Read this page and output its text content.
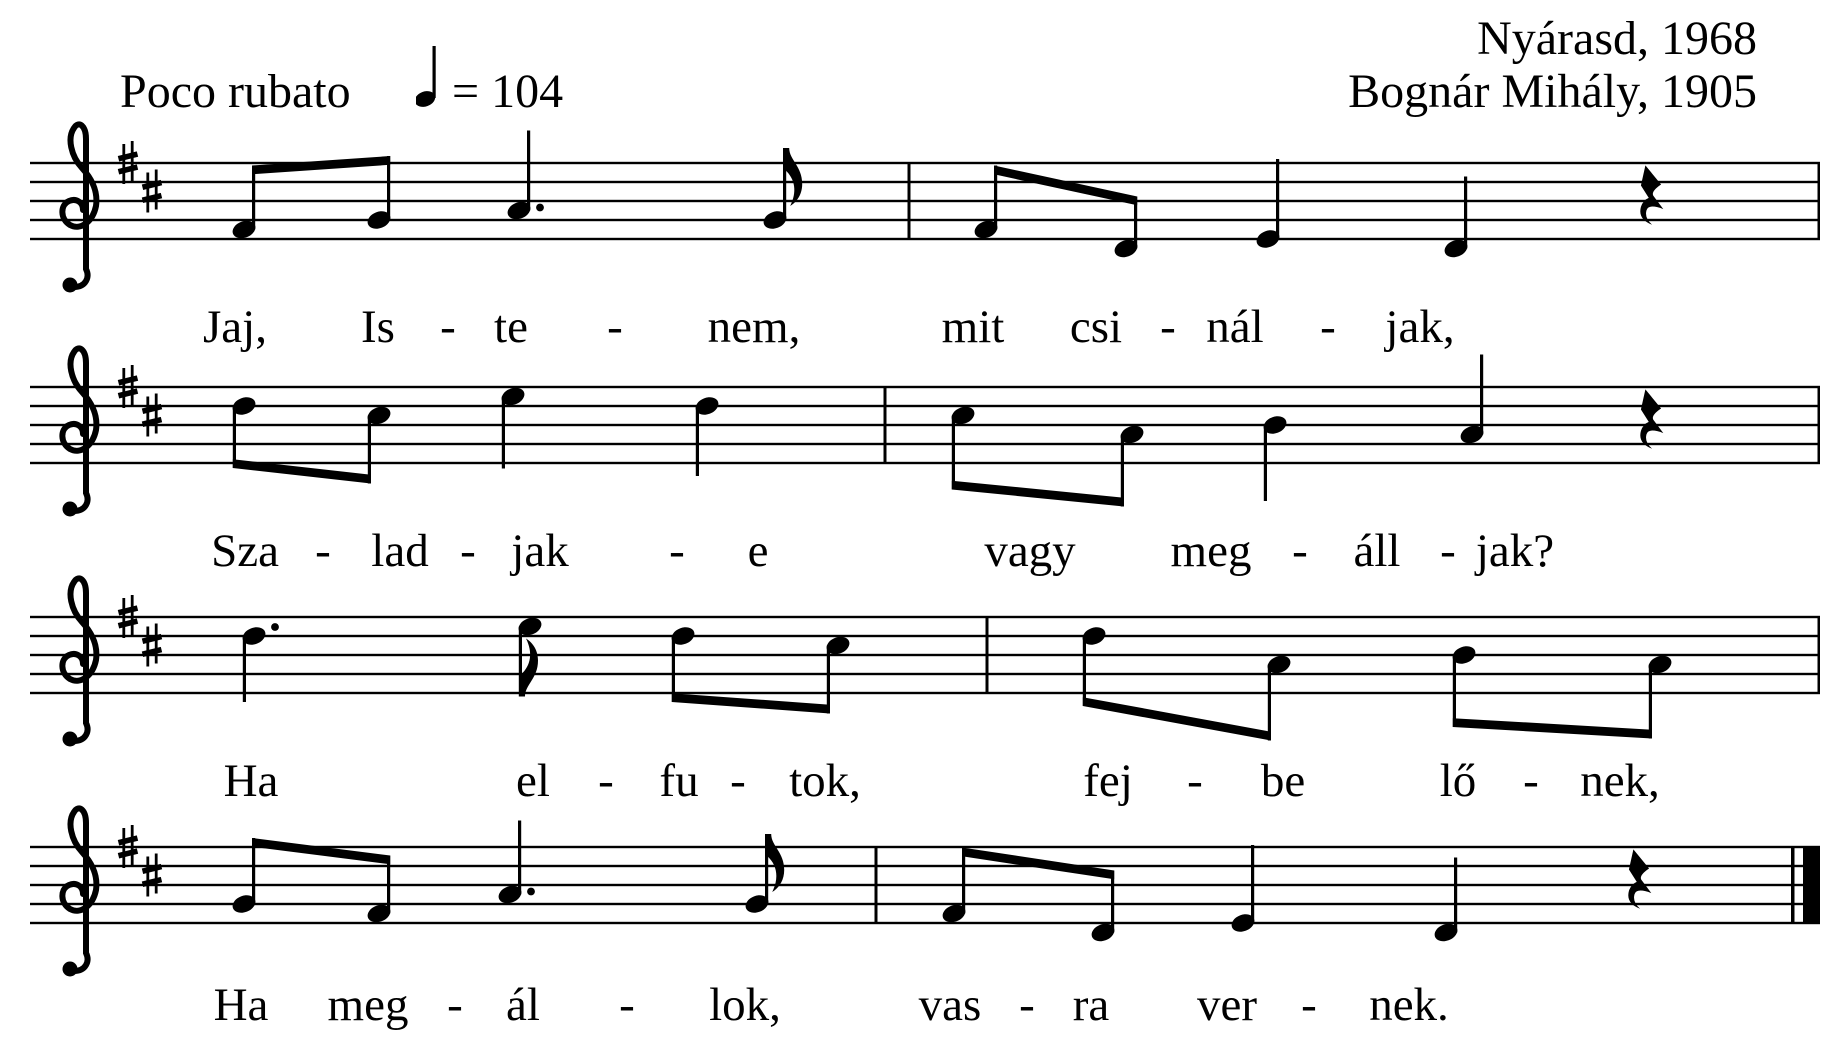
Nyárasd, 1968
Bognár Mihály, 1905
Poco rubato = 104
Jaj, Is - te - nem,	mit csi - nál - jak,
Sza - lad - jak - e	vagy meg - áll - jak?
Ha	el - fu - tok,	fej - be	lő - nek,
Ha meg - ál - lok,	vas - ra ver - nek.
